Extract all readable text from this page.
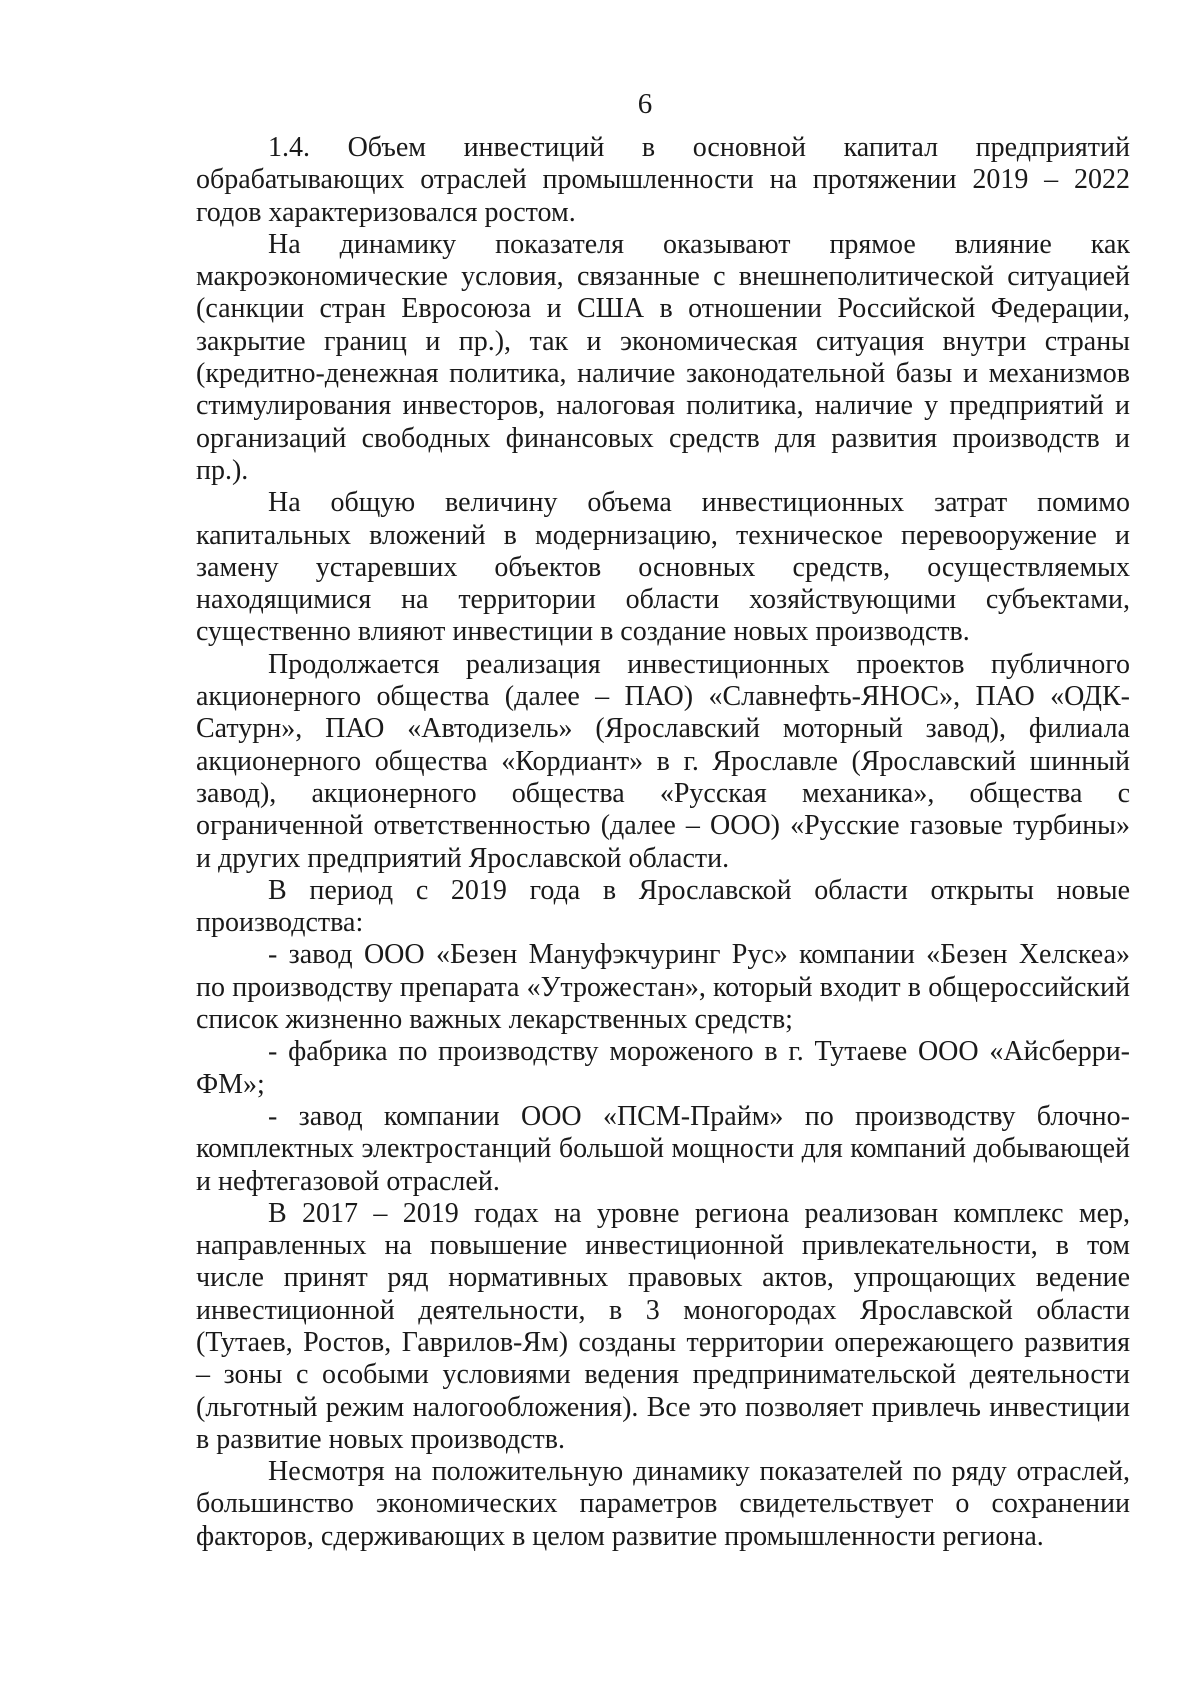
6

1.4. Объем инвестиций в основной капитал предприятий обрабатывающих отраслей промышленности на протяжении 2019 – 2022 годов характеризовался ростом.

На динамику показателя оказывают прямое влияние как макроэкономические условия, связанные с внешнеполитической ситуацией (санкции стран Евросоюза и США в отношении Российской Федерации, закрытие границ и пр.), так и экономическая ситуация внутри страны (кредитно-денежная политика, наличие законодательной базы и механизмов стимулирования инвесторов, налоговая политика, наличие у предприятий и организаций свободных финансовых средств для развития производств и пр.).

На общую величину объема инвестиционных затрат помимо капитальных вложений в модернизацию, техническое перевооружение и замену устаревших объектов основных средств, осуществляемых находящимися на территории области хозяйствующими субъектами, существенно влияют инвестиции в создание новых производств.

Продолжается реализация инвестиционных проектов публичного акционерного общества (далее – ПАО) «Славнефть-ЯНОС», ПАО «ОДК-Сатурн», ПАО «Автодизель» (Ярославский моторный завод), филиала акционерного общества «Кордиант» в г. Ярославле (Ярославский шинный завод), акционерного общества «Русская механика», общества с ограниченной ответственностью (далее – ООО) «Русские газовые турбины» и других предприятий Ярославской области.

В период с 2019 года в Ярославской области открыты новые производства:

- завод ООО «Безен Мануфэкчуринг Рус» компании «Безен Хелскеа» по производству препарата «Утрожестан», который входит в общероссийский список жизненно важных лекарственных средств;

- фабрика по производству мороженого в г. Тутаеве ООО «Айсберри-ФМ»;

- завод компании ООО «ПСМ-Прайм» по производству блочно-комплектных электростанций большой мощности для компаний добывающей и нефтегазовой отраслей.

В 2017 – 2019 годах на уровне региона реализован комплекс мер, направленных на повышение инвестиционной привлекательности, в том числе принят ряд нормативных правовых актов, упрощающих ведение инвестиционной деятельности, в 3 моногородах Ярославской области (Тутаев, Ростов, Гаврилов-Ям) созданы территории опережающего развития – зоны с особыми условиями ведения предпринимательской деятельности (льготный режим налогообложения). Все это позволяет привлечь инвестиции в развитие новых производств.

Несмотря на положительную динамику показателей по ряду отраслей, большинство экономических параметров свидетельствует о сохранении факторов, сдерживающих в целом развитие промышленности региона.
